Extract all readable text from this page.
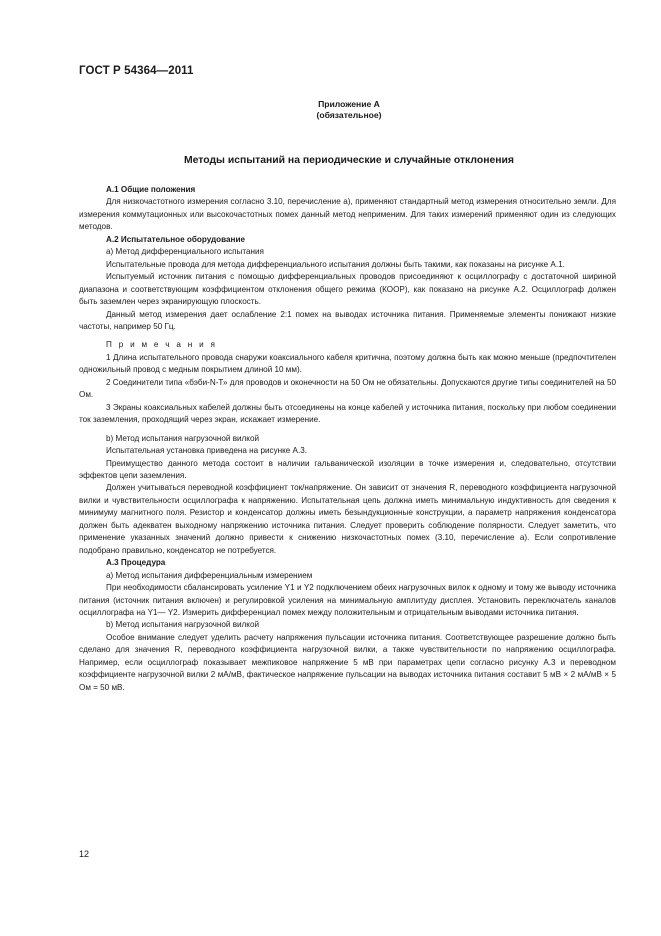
ГОСТ Р 54364—2011
Приложение А
(обязательное)
Методы испытаний на периодические и случайные отклонения

А.1 Общие положения

Для низкочастотного измерения согласно 3.10, перечисление а), применяют стандартный метод измерения относительно земли. Для измерения коммутационных или высокочастотных помех данный метод неприменим. Для таких измерений применяют один из следующих методов.

А.2 Испытательное оборудование

а) Метод дифференциального испытания

Испытательные провода для метода дифференциального испытания должны быть такими, как показаны на рисунке А.1.

Испытуемый источник питания с помощью дифференциальных проводов присоединяют к осциллографу с достаточной шириной диапазона и соответствующим коэффициентом отклонения общего режима (КООР), как показано на рисунке А.2. Осциллограф должен быть заземлен через экранирующую плоскость.

Данный метод измерения дает ослабление 2:1 помех на выводах источника питания. Применяемые элементы понижают низкие частоты, например 50 Гц.

П р и м е ч а н и я

1 Длина испытательного провода снаружи коаксиального кабеля критична, поэтому должна быть как можно меньше (предпочтителен одножильный провод с медным покрытием длиной 10 мм).

2 Соединители типа «бэби-N-Т» для проводов и оконечности на 50 Ом не обязательны. Допускаются другие типы соединителей на 50 Ом.

3 Экраны коаксиальных кабелей должны быть отсоединены на конце кабелей у источника питания, поскольку при любом соединении ток заземления, проходящий через экран, искажает измерение.

b) Метод испытания нагрузочной вилкой

Испытательная установка приведена на рисунке А.3.

Преимущество данного метода состоит в наличии гальванической изоляции в точке измерения и, следовательно, отсутствии эффектов цепи заземления.

Должен учитываться переводной коэффициент ток/напряжение. Он зависит от значения R, переводного коэффициента нагрузочной вилки и чувствительности осциллографа к напряжению. Испытательная цепь должна иметь минимальную индуктивность для сведения к минимуму магнитного поля. Резистор и конденсатор должны иметь безындукционные конструкции, а параметр напряжения конденсатора должен быть адекватен выходному напряжению источника питания. Следует проверить соблюдение полярности. Следует заметить, что применение указанных значений должно привести к снижению низкочастотных помех (3.10, перечисление а). Если сопротивление подобрано правильно, конденсатор не потребуется.

А.3 Процедура

а) Метод испытания дифференциальным измерением

При необходимости сбалансировать усиление Y1 и Y2 подключением обеих нагрузочных вилок к одному и тому же выводу источника питания (источник питания включен) и регулировкой усиления на минимальную амплитуду дисплея. Установить переключатель каналов осциллографа на Y1— Y2. Измерить дифференциал помех между положительным и отрицательным выводами источника питания.

b) Метод испытания нагрузочной вилкой

Особое внимание следует уделить расчету напряжения пульсации источника питания. Соответствующее разрешение должно быть сделано для значения R, переводного коэффициента нагрузочной вилки, а также чувствительности по напряжению осциллографа. Например, если осциллограф показывает межпиковое напряжение 5 мВ при параметрах цепи согласно рисунку А.3 и переводном коэффициенте нагрузочной вилки 2 мА/мВ, фактическое напряжение пульсации на выводах источника питания составит 5 мВ × 2 мА/мВ × 5 Ом = 50 мВ.

12
